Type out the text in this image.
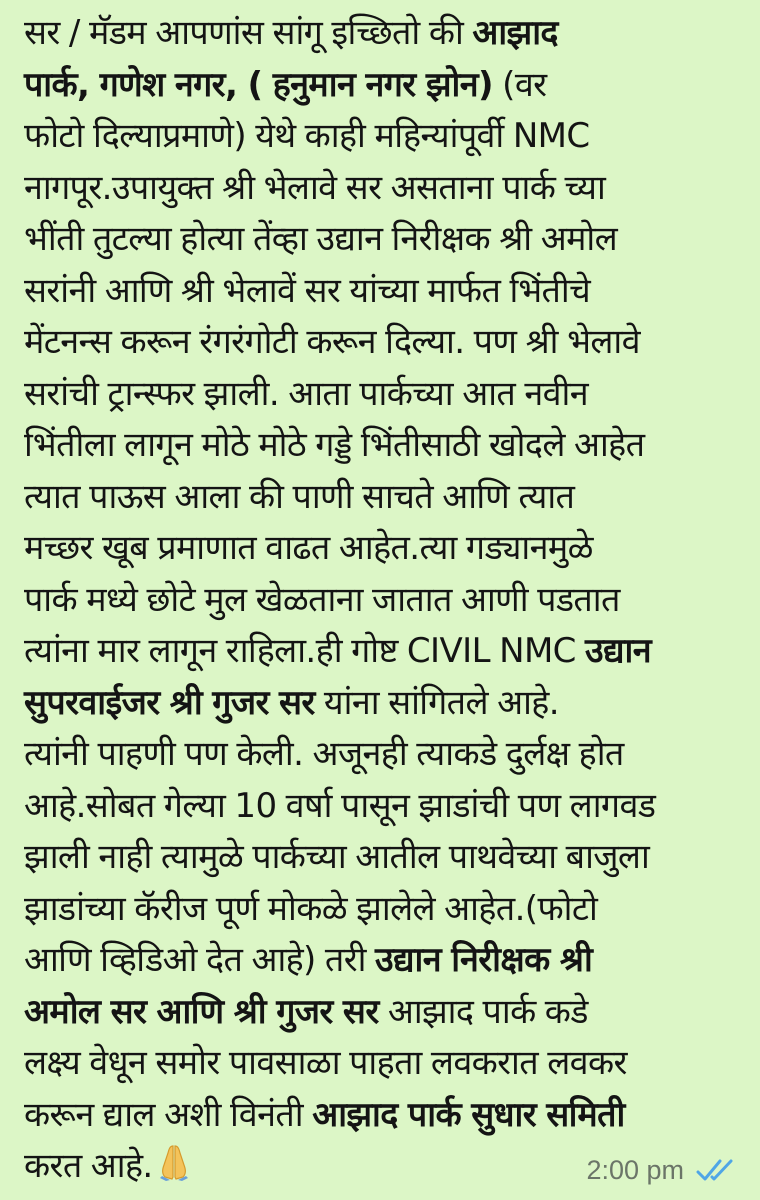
सर / मॅडम आपणांस सांगू इच्छितो की आझाद
पार्क, गणेश नगर, ( हनुमान नगर झोन) (वर
फोटो दिल्याप्रमाणे) येथे काही महिन्यांपूर्वी NMC
नागपूर.उपायुक्त श्री भेलावे सर असताना पार्क च्या
भींती तुटल्या होत्या तेंव्हा उद्यान निरीक्षक श्री अमोल
सरांनी आणि श्री भेलावें सर यांच्या मार्फत भिंतीचे
मेंटनन्स करून रंगरंगोटी करून दिल्या. पण श्री भेलावे
सरांची ट्रान्स्फर झाली. आता पार्कच्या आत नवीन
भिंतीला लागून मोठे मोठे गड्डे भिंतीसाठी खोदले आहेत
त्यात पाऊस आला की पाणी साचते आणि त्यात
मच्छर खूब प्रमाणात वाढत आहेत.त्या गड्यानमुळे
पार्क मध्ये छोटे मुल खेळताना जातात आणी पडतात
त्यांना मार लागून राहिला.ही गोष्ट CIVIL NMC उद्यान
सुपरवाईजर श्री गुजर सर यांना सांगितले आहे.
त्यांनी पाहणी पण केली. अजूनही त्याकडे दुर्लक्ष होत
आहे.सोबत गेल्या 10 वर्षा पासून झाडांची पण लागवड
झाली नाही त्यामुळे पार्कच्या आतील पाथवेच्या बाजुला
झाडांच्या कॅरीज पूर्ण मोकळे झालेले आहेत.(फोटो
आणि व्हिडिओ देत आहे) तरी उद्यान निरीक्षक श्री
अमोल सर आणि श्री गुजर सर आझाद पार्क कडे
लक्ष्य वेधून समोर पावसाळा पाहता लवकरात लवकर
करून द्याल अशी विनंती आझाद पार्क सुधार समिती
करत आहे.	2:00 pm
